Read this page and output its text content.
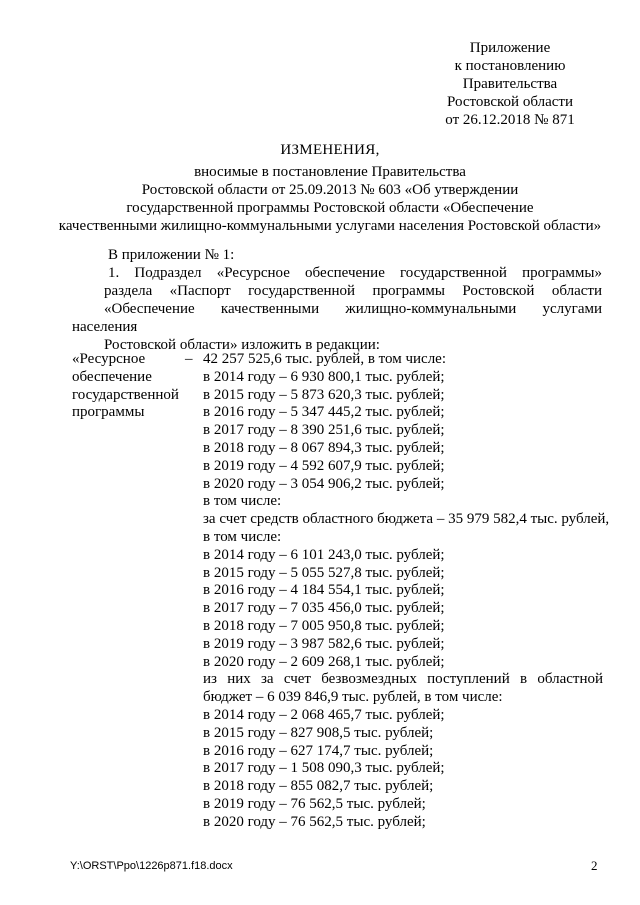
Приложение
к постановлению
Правительства
Ростовской области
от 26.12.2018 № 871
ИЗМЕНЕНИЯ,
вносимые в постановление Правительства
Ростовской области от 25.09.2013 № 603 «Об утверждении
государственной программы Ростовской области «Обеспечение
качественными жилищно-коммунальными услугами населения Ростовской области»
В приложении № 1:
1. Подраздел «Ресурсное обеспечение государственной программы»
раздела «Паспорт государственной программы Ростовской области
«Обеспечение качественными жилищно-коммунальными услугами населения
Ростовской области» изложить в редакции:
«Ресурсное
обеспечение
государственной
программы
– 42 257 525,6 тыс. рублей, в том числе:
в 2014 году – 6 930 800,1 тыс. рублей;
в 2015 году – 5 873 620,3 тыс. рублей;
в 2016 году – 5 347 445,2 тыс. рублей;
в 2017 году – 8 390 251,6 тыс. рублей;
в 2018 году – 8 067 894,3 тыс. рублей;
в 2019 году – 4 592 607,9 тыс. рублей;
в 2020 году – 3 054 906,2 тыс. рублей;
в том числе:
за счет средств областного бюджета – 35 979 582,4 тыс. рублей,
в том числе:
в 2014 году – 6 101 243,0 тыс. рублей;
в 2015 году – 5 055 527,8 тыс. рублей;
в 2016 году – 4 184 554,1 тыс. рублей;
в 2017 году – 7 035 456,0 тыс. рублей;
в 2018 году – 7 005 950,8 тыс. рублей;
в 2019 году – 3 987 582,6 тыс. рублей;
в 2020 году – 2 609 268,1 тыс. рублей;
из них за счет безвозмездных поступлений в областной
бюджет – 6 039 846,9 тыс. рублей, в том числе:
в 2014 году – 2 068 465,7 тыс. рублей;
в 2015 году – 827 908,5 тыс. рублей;
в 2016 году – 627 174,7 тыс. рублей;
в 2017 году – 1 508 090,3 тыс. рублей;
в 2018 году – 855 082,7 тыс. рублей;
в 2019 году – 76 562,5 тыс. рублей;
в 2020 году – 76 562,5 тыс. рублей;
Y:\ORST\Ppo\1226p871.f18.docx	2
